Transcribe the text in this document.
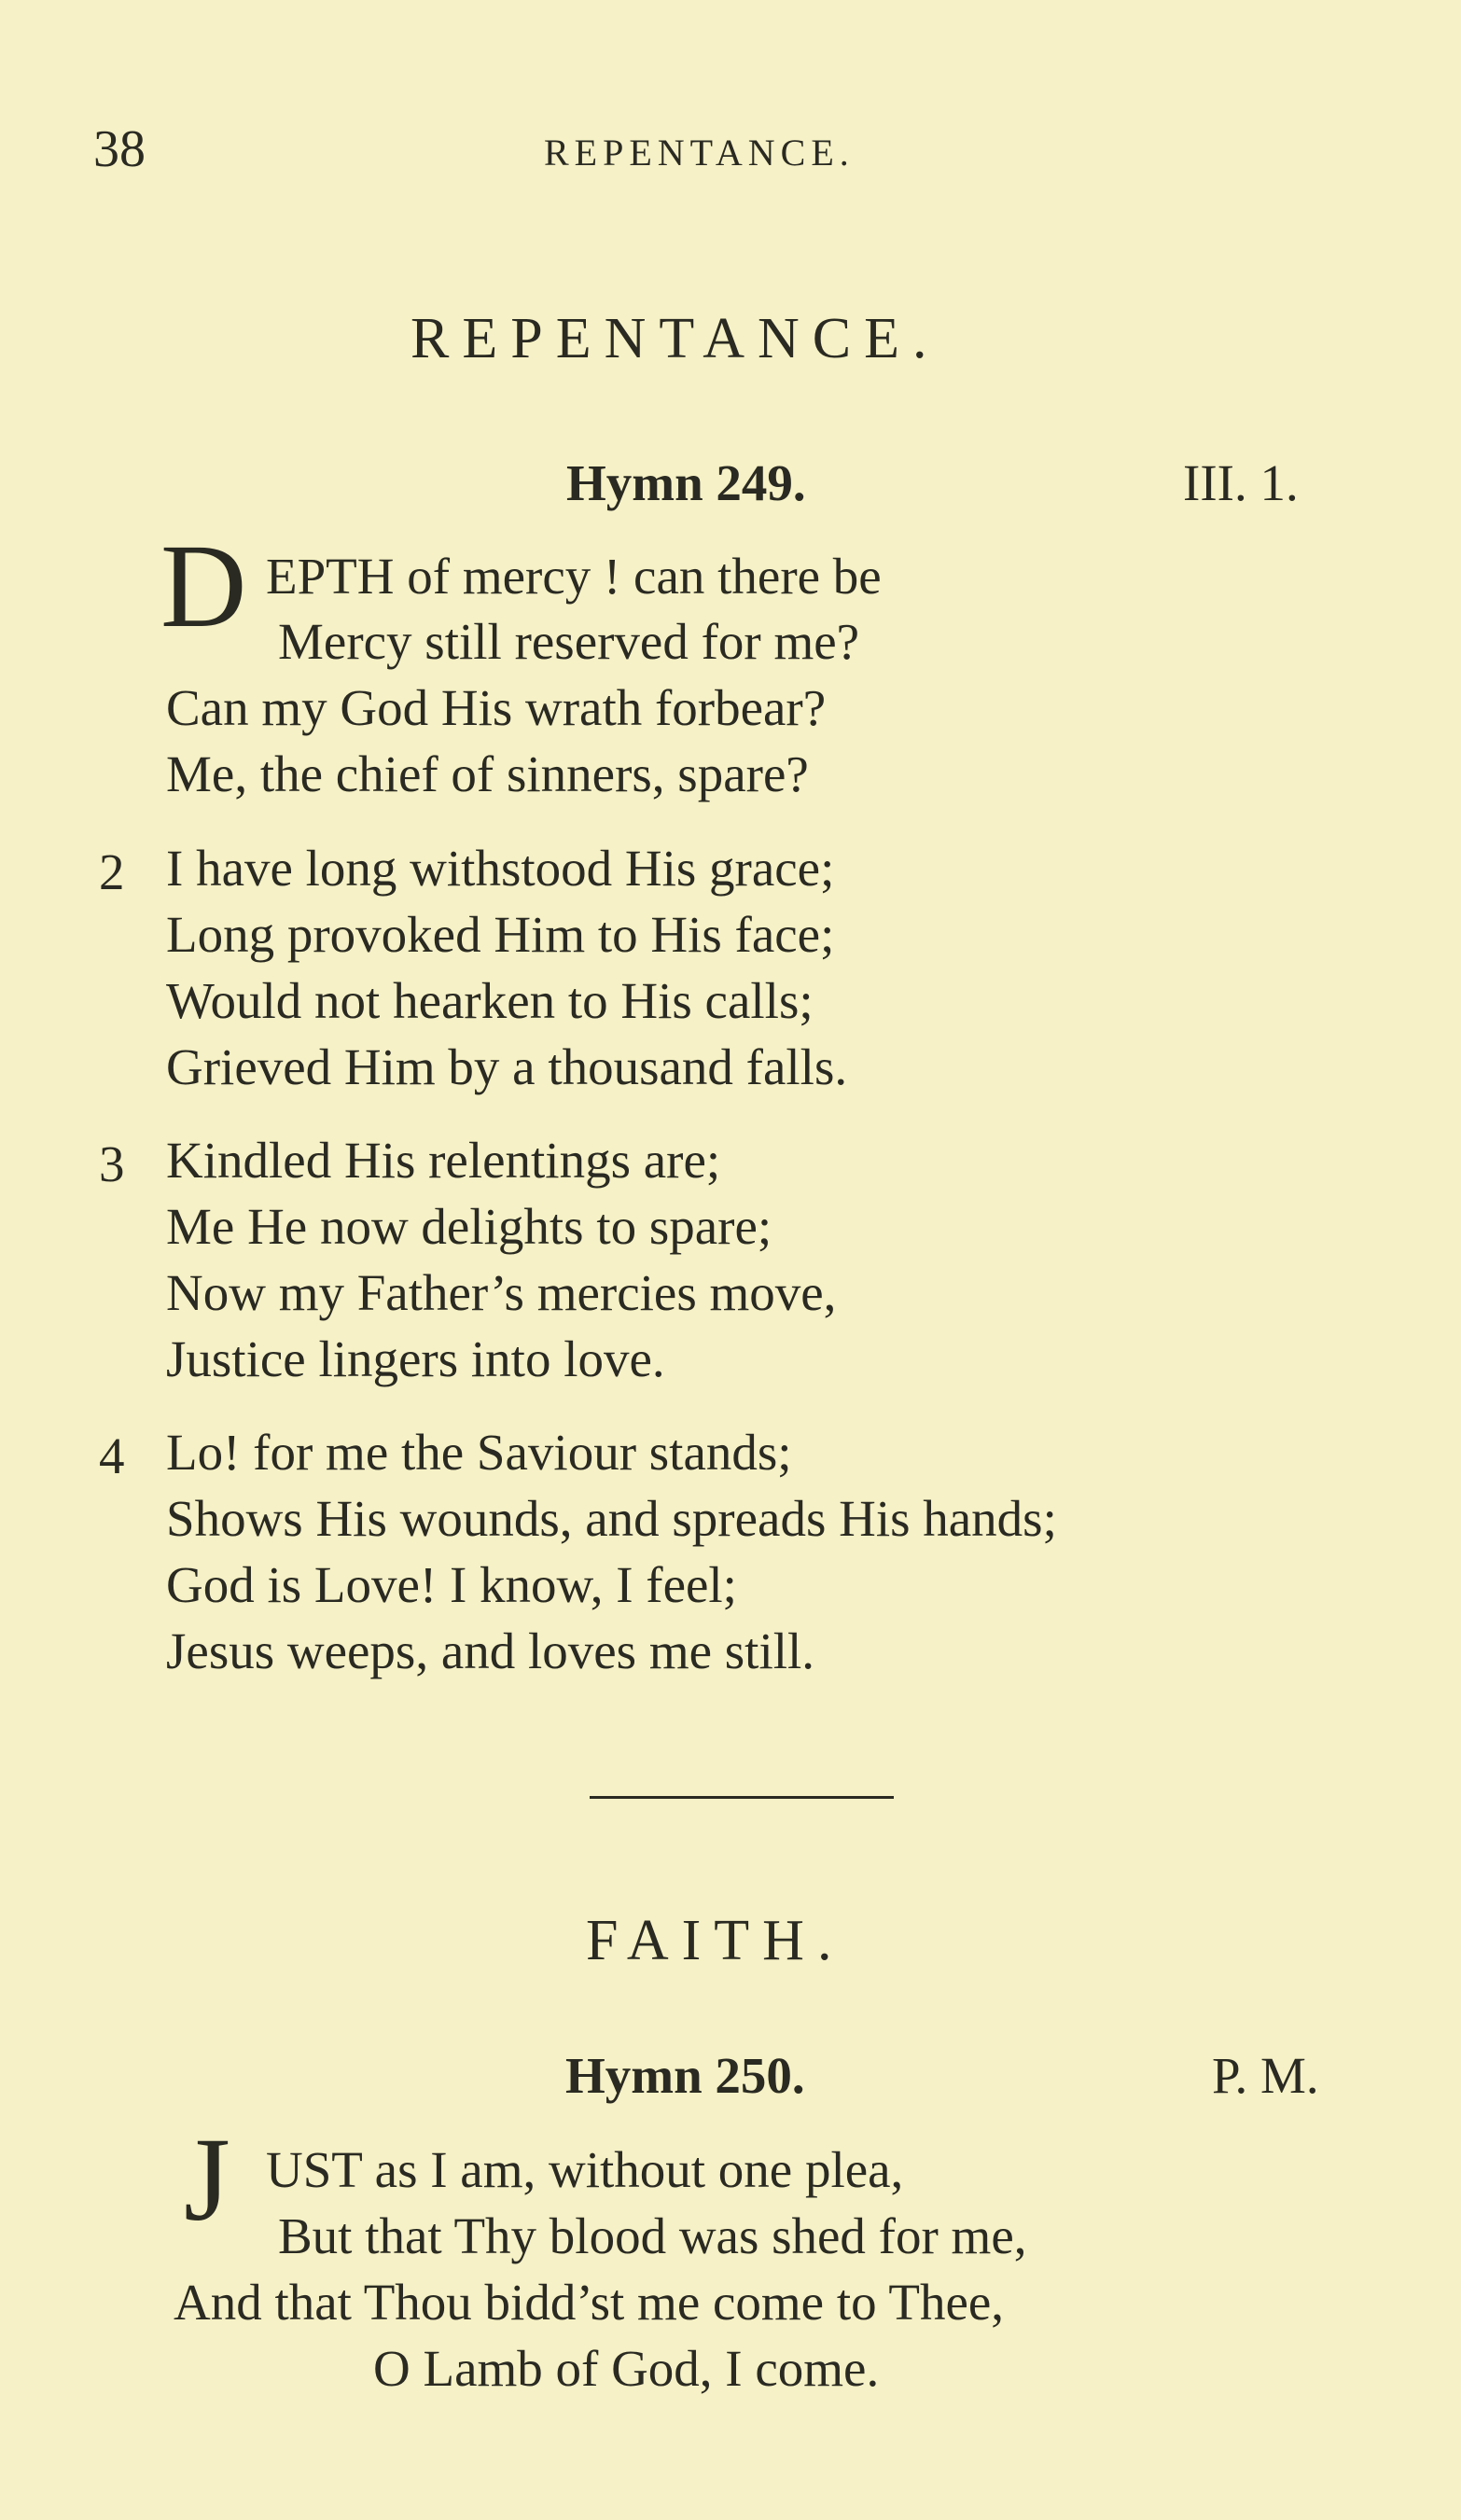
38	REPENTANCE.
REPENTANCE.
Hymn 249.	III. 1.
D EPTH of mercy ! can there be
Mercy still reserved for me?
Can my God His wrath forbear?
Me, the chief of sinners, spare?
2 I have long withstood His grace;
Long provoked Him to His face;
Would not hearken to His calls;
Grieved Him by a thousand falls.
3 Kindled His relentings are;
Me He now delights to spare;
Now my Father’s mercies move,
Justice lingers into love.
4 Lo! for me the Saviour stands;
Shows His wounds, and spreads His hands;
God is Love! I know, I feel;
Jesus weeps, and loves me still.
FAITH.
Hymn 250.	P. M.
J UST as I am, without one plea,
But that Thy blood was shed for me,
And that Thou bidd’st me come to Thee,
O Lamb of God, I come.
